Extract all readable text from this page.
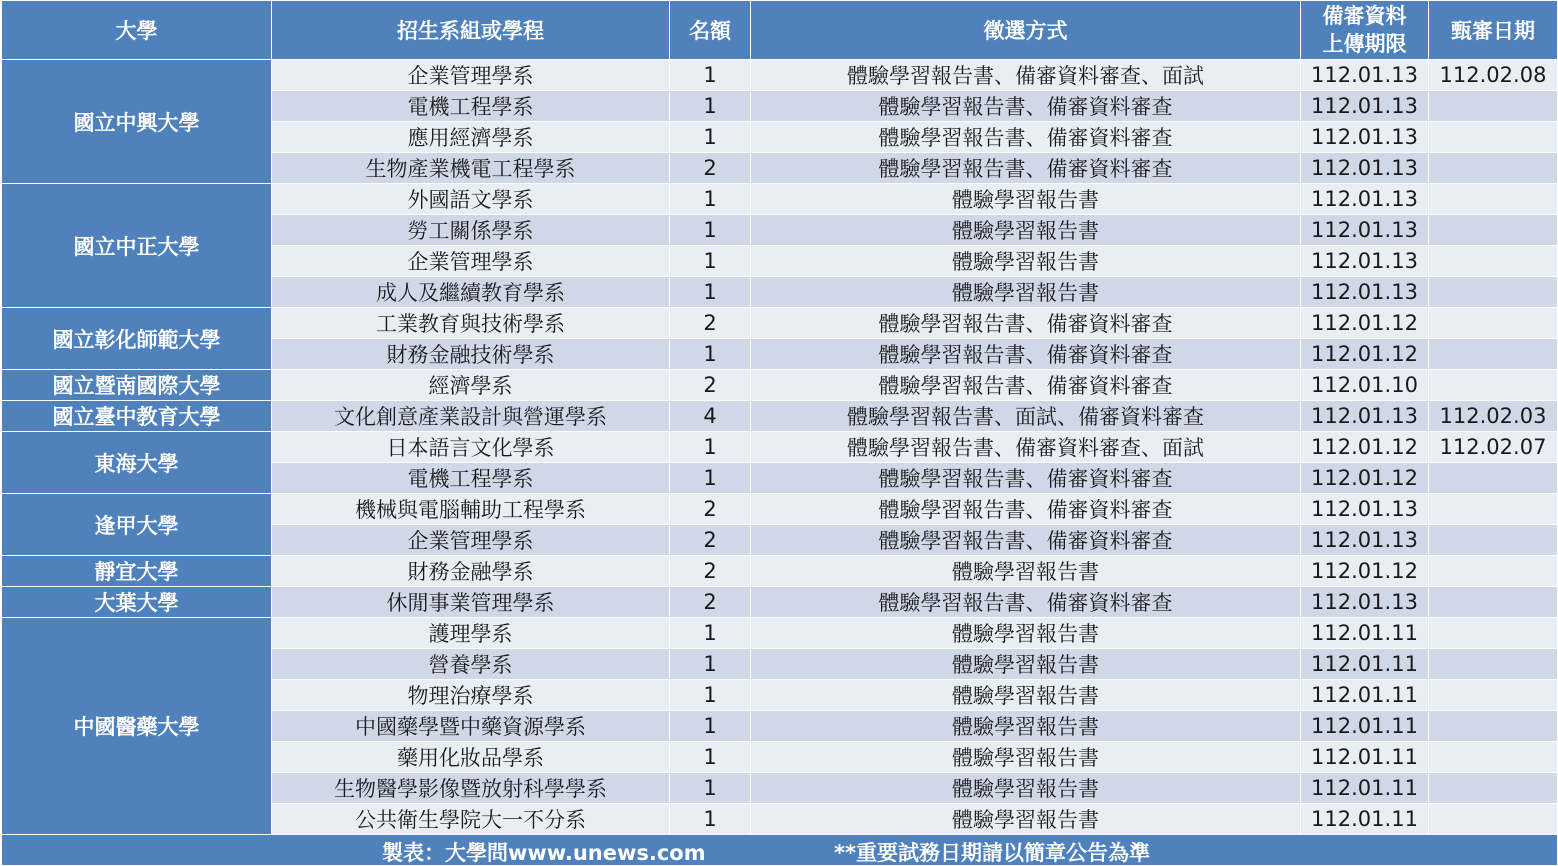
大學	招生系組或學程	名額	徵選方式	備審資料
上傳期限	甄審日期
國立中興大學	企業管理學系	1	體驗學習報告書、備審資料審查、面試	112.01.13	112.02.08
	電機工程學系	1	體驗學習報告書、備審資料審查	112.01.13	
	應用經濟學系	1	體驗學習報告書、備審資料審查	112.01.13	
	生物產業機電工程學系	2	體驗學習報告書、備審資料審查	112.01.13	
國立中正大學	外國語文學系	1	體驗學習報告書	112.01.13	
	勞工關係學系	1	體驗學習報告書	112.01.13	
	企業管理學系	1	體驗學習報告書	112.01.13	
	成人及繼續教育學系	1	體驗學習報告書	112.01.13	
國立彰化師範大學	工業教育與技術學系	2	體驗學習報告書、備審資料審查	112.01.12	
	財務金融技術學系	1	體驗學習報告書、備審資料審查	112.01.12	
國立暨南國際大學	經濟學系	2	體驗學習報告書、備審資料審查	112.01.10	
國立臺中教育大學	文化創意產業設計與營運學系	4	體驗學習報告書、面試、備審資料審查	112.01.13	112.02.03
東海大學	日本語言文化學系	1	體驗學習報告書、備審資料審查、面試	112.01.12	112.02.07
	電機工程學系	1	體驗學習報告書、備審資料審查	112.01.12	
逢甲大學	機械與電腦輔助工程學系	2	體驗學習報告書、備審資料審查	112.01.13	
	企業管理學系	2	體驗學習報告書、備審資料審查	112.01.13	
靜宜大學	財務金融學系	2	體驗學習報告書	112.01.12	
大葉大學	休閒事業管理學系	2	體驗學習報告書、備審資料審查	112.01.13	
中國醫藥大學	護理學系	1	體驗學習報告書	112.01.11	
	營養學系	1	體驗學習報告書	112.01.11	
	物理治療學系	1	體驗學習報告書	112.01.11	
	中國藥學暨中藥資源學系	1	體驗學習報告書	112.01.11	
	藥用化妝品學系	1	體驗學習報告書	112.01.11	
	生物醫學影像暨放射科學學系	1	體驗學習報告書	112.01.11	
	公共衛生學院大一不分系	1	體驗學習報告書	112.01.11	

製表：大學問www.unews.com **重要試務日期請以簡章公告為準					
